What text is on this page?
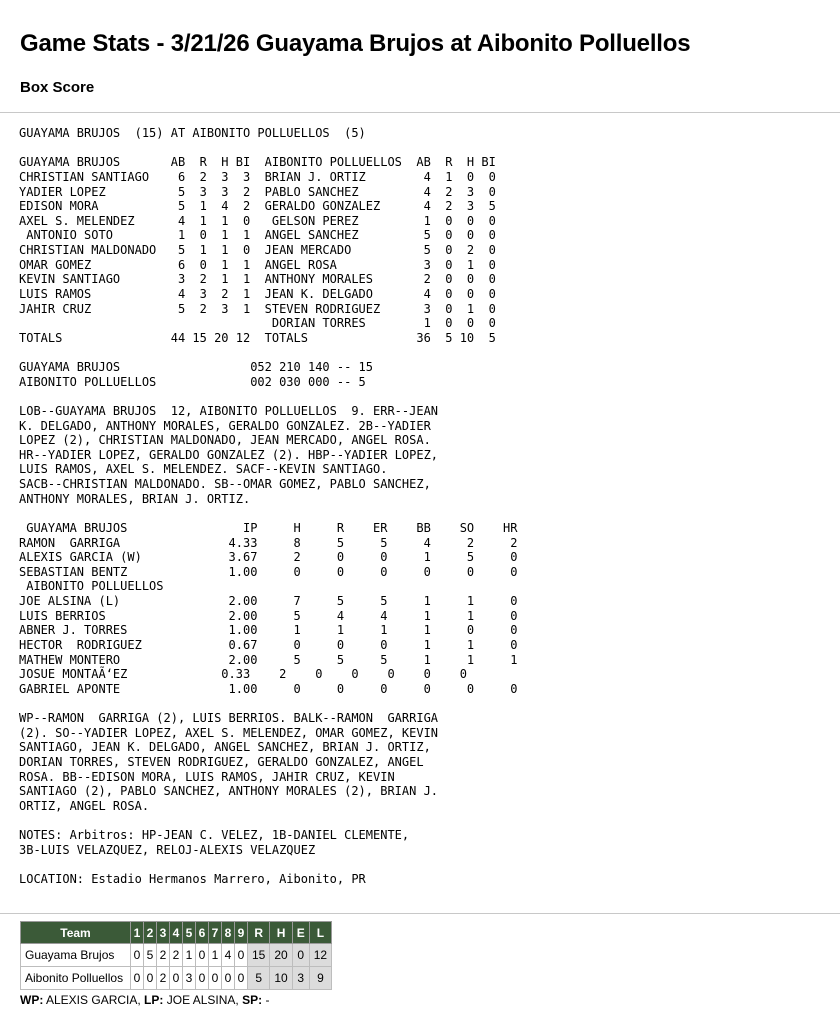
Game Stats - 3/21/26 Guayama Brujos at Aibonito Polluellos
Box Score
GUAYAMA BRUJOS  (15) AT AIBONITO POLLUELLOS  (5)

GUAYAMA BRUJOS       AB  R  H BI  AIBONITO POLLUELLOS  AB  R  H BI
CHRISTIAN SANTIAGO    6  2  3  3  BRIAN J. ORTIZ        4  1  0  0
YADIER LOPEZ          5  3  3  2  PABLO SANCHEZ         4  2  3  0
EDISON MORA           5  1  4  2  GERALDO GONZALEZ      4  2  3  5
AXEL S. MELENDEZ      4  1  1  0   GELSON PEREZ         1  0  0  0
ANTONIO SOTO         1  0  1  1  ANGEL SANCHEZ         5  0  0  0
CHRISTIAN MALDONADO   5  1  1  0  JEAN MERCADO          5  0  2  0
OMAR GOMEZ            6  0  1  1  ANGEL ROSA            3  0  1  0
KEVIN SANTIAGO        3  2  1  1  ANTHONY MORALES       2  0  0  0
LUIS RAMOS            4  3  2  1  JEAN K. DELGADO       4  0  0  0
JAHIR CRUZ            5  2  3  1  STEVEN RODRIGUEZ      3  0  1  0
DORIAN TORRES        1  0  0  0
TOTALS               44 15 20 12  TOTALS               36  5 10  5

GUAYAMA BRUJOS                  052 210 140 -- 15
AIBONITO POLLUELLOS             002 030 000 -- 5

LOB--GUAYAMA BRUJOS  12, AIBONITO POLLUELLOS  9. ERR--JEAN
K. DELGADO, ANTHONY MORALES, GERALDO GONZALEZ. 2B--YADIER
LOPEZ (2), CHRISTIAN MALDONADO, JEAN MERCADO, ANGEL ROSA.
HR--YADIER LOPEZ, GERALDO GONZALEZ (2). HBP--YADIER LOPEZ,
LUIS RAMOS, AXEL S. MELENDEZ. SACF--KEVIN SANTIAGO.
SACB--CHRISTIAN MALDONADO. SB--OMAR GOMEZ, PABLO SANCHEZ,
ANTHONY MORALES, BRIAN J. ORTIZ.

GUAYAMA BRUJOS                IP     H     R    ER    BB    SO    HR
RAMON  GARRIGA               4.33     8     5     5     4     2     2
ALEXIS GARCIA (W)            3.67     2     0     0     1     5     0
SEBASTIAN BENTZ              1.00     0     0     0     0     0     0
AIBONITO POLLUELLOS
JOE ALSINA (L)               2.00     7     5     5     1     1     0
LUIS BERRIOS                 2.00     5     4     4     1     1     0
ABNER J. TORRES              1.00     1     1     1     1     0     0
HECTOR  RODRIGUEZ            0.67     0     0     0     1     1     0
MATHEW MONTERO               2.00     5     5     5     1     1     1
JOSUE MONTAÃ‘EZ             0.33    2    0    0    0    0    0
GABRIEL APONTE               1.00     0     0     0     0     0     0

WP--RAMON  GARRIGA (2), LUIS BERRIOS. BALK--RAMON  GARRIGA
(2). SO--YADIER LOPEZ, AXEL S. MELENDEZ, OMAR GOMEZ, KEVIN
SANTIAGO, JEAN K. DELGADO, ANGEL SANCHEZ, BRIAN J. ORTIZ,
DORIAN TORRES, STEVEN RODRIGUEZ, GERALDO GONZALEZ, ANGEL
ROSA. BB--EDISON MORA, LUIS RAMOS, JAHIR CRUZ, KEVIN
SANTIAGO (2), PABLO SANCHEZ, ANTHONY MORALES (2), BRIAN J.
ORTIZ, ANGEL ROSA.

NOTES: Arbitros: HP-JEAN C. VELEZ, 1B-DANIEL CLEMENTE,
3B-LUIS VELAZQUEZ, RELOJ-ALEXIS VELAZQUEZ

LOCATION: Estadio Hermanos Marrero, Aibonito, PR
Team	1	2	3	4	5	6	7	8	9	R	H	E	L
Guayama Brujos	0	5	2	2	1	0	1	4	0	15	20	0	12
Aibonito Polluellos	0	0	2	0	3	0	0	0	0	5	10	3	9
WP: ALEXIS GARCIA, LP: JOE ALSINA, SP: -
